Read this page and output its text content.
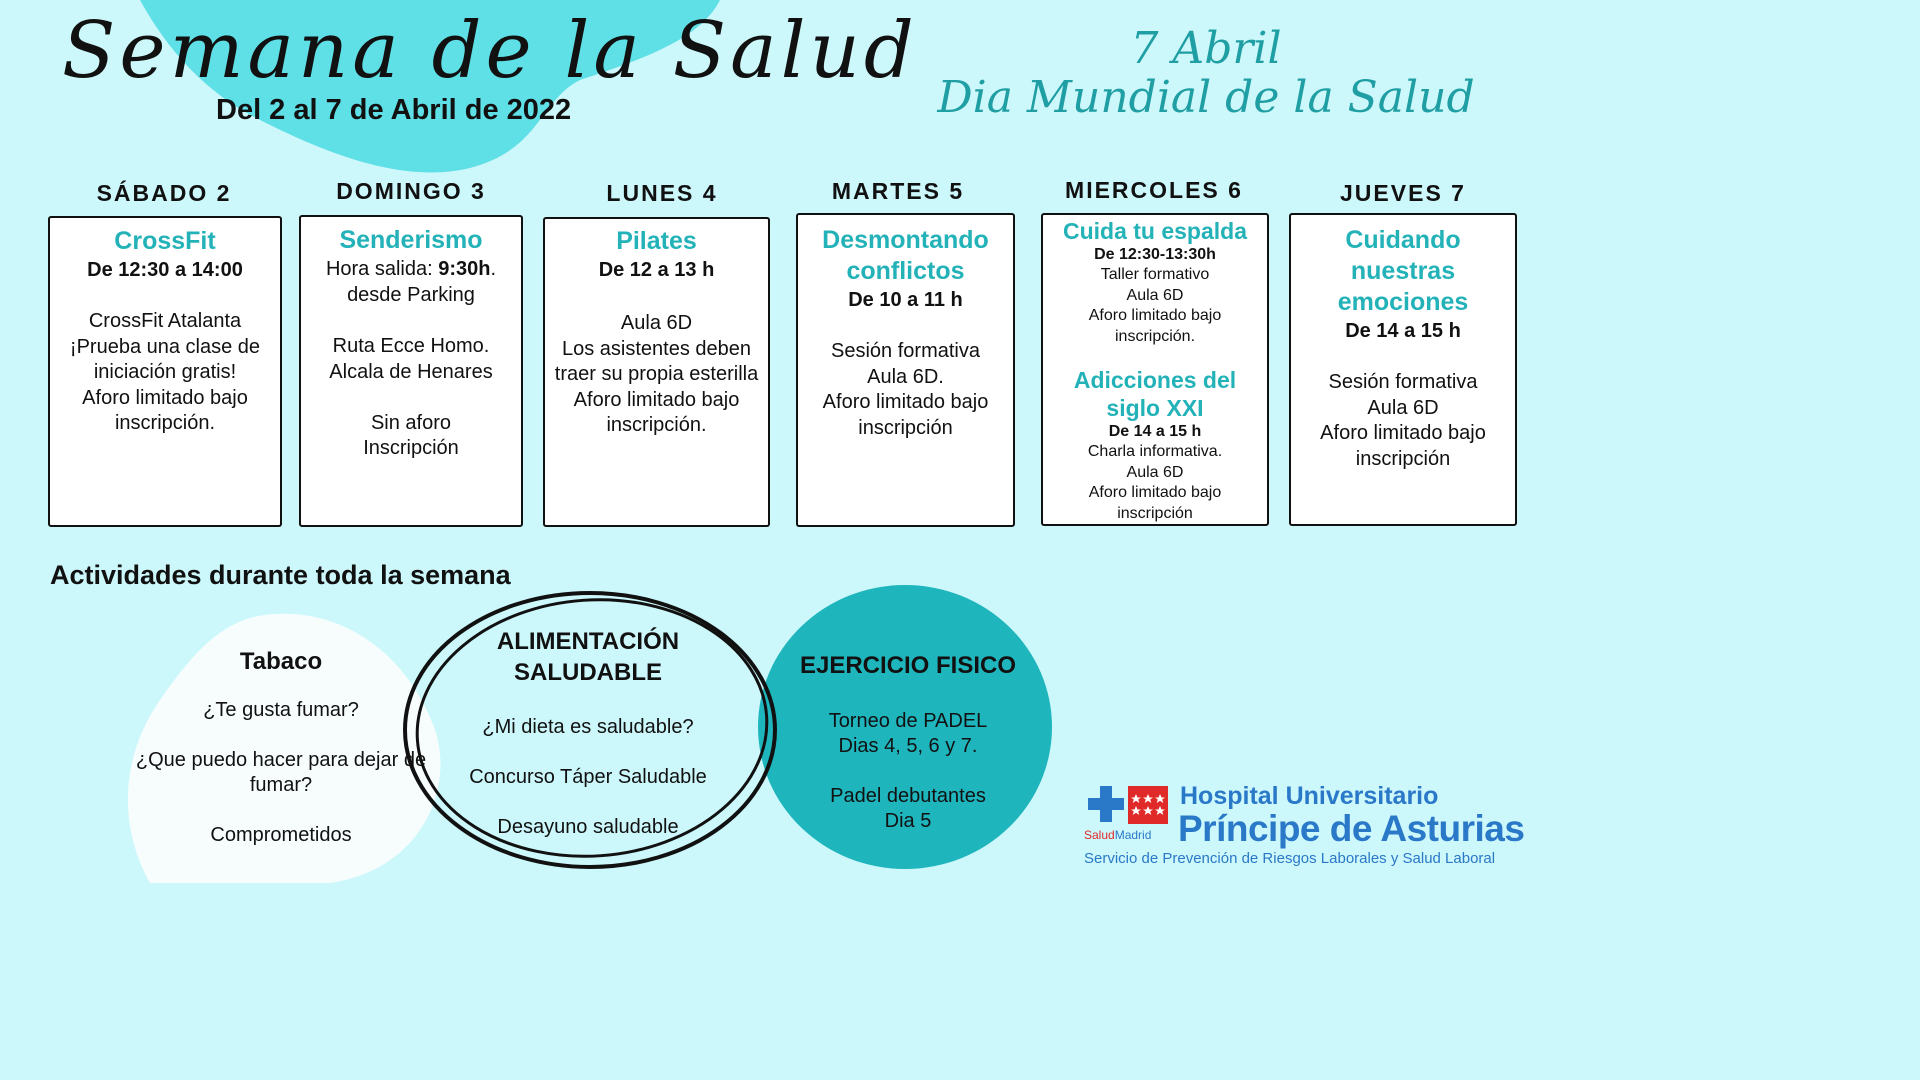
Semana de la Salud
Del 2 al 7 de Abril de 2022
7 Abril
Dia Mundial de la Salud
SÁBADO 2	DOMINGO 3	LUNES 4	MARTES 5	MIERCOLES 6	JUEVES 7
CrossFit
De 12:30 a 14:00
CrossFit Atalanta
¡Prueba una clase de
iniciación gratis!
Aforo limitado bajo
inscripción.
Senderismo
Hora salida: 9:30h.
desde Parking
Ruta Ecce Homo.
Alcala de Henares

Sin aforo
Inscripción
Pilates
De 12 a 13 h
Aula 6D
Los asistentes deben
traer su propia esterilla
Aforo limitado bajo
inscripción.
Desmontando conflictos
De 10 a 11 h
Sesión formativa
Aula 6D.
Aforo limitado bajo
inscripción
Cuida tu espalda
De 12:30-13:30h
Taller formativo
Aula 6D
Aforo limitado bajo
inscripción.
Adicciones del siglo XXI
De 14 a 15 h
Charla informativa.
Aula 6D
Aforo limitado bajo
inscripción
Cuidando nuestras emociones
De 14 a 15 h
Sesión formativa
Aula 6D
Aforo limitado bajo
inscripción
Actividades durante toda la semana
Tabaco
¿Te gusta fumar?
¿Que puedo hacer para dejar de fumar?
Comprometidos
ALIMENTACIÓN SALUDABLE
¿Mi dieta es saludable?
Concurso Táper Saludable
Desayuno saludable
EJERCICIO FISICO
Torneo de PADEL
Dias 4, 5, 6 y 7.
Padel debutantes
Dia 5
SaludMadrid
Hospital Universitario
Príncipe de Asturias
Servicio de Prevención de Riesgos Laborales y Salud Laboral
